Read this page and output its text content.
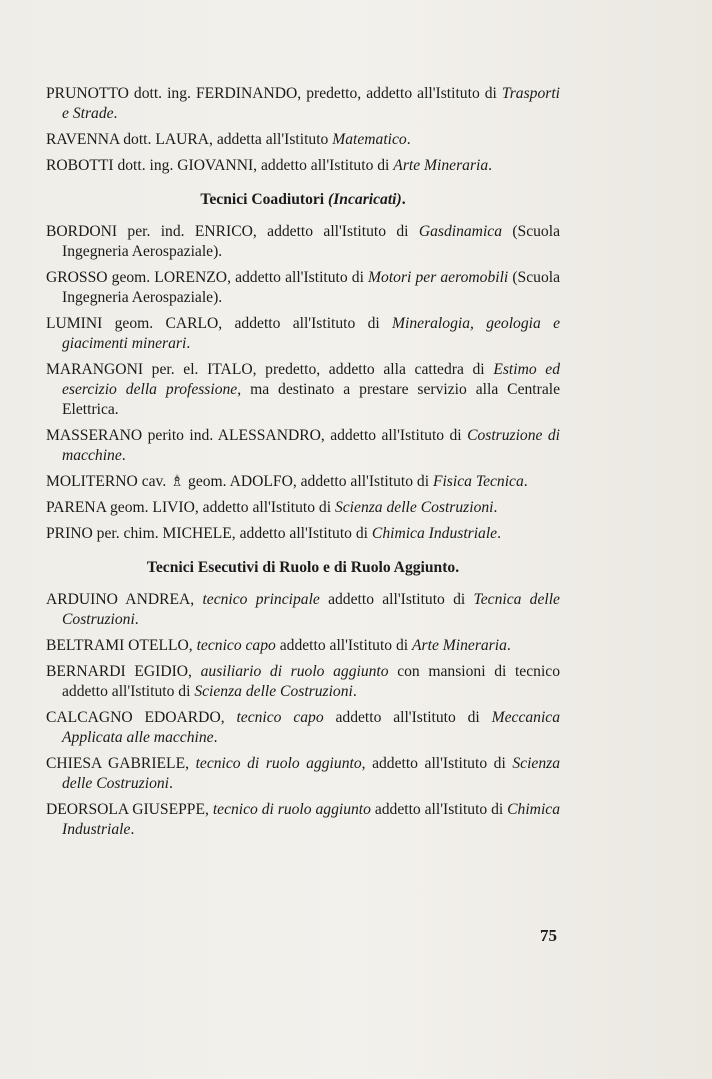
PRUNOTTO dott. ing. FERDINANDO, predetto, addetto all'Istituto di Trasporti e Strade.

RAVENNA dott. LAURA, addetta all'Istituto Matematico.

ROBOTTI dott. ing. GIOVANNI, addetto all'Istituto di Arte Mineraria.

Tecnici Coadiutori (Incaricati).

BORDONI per. ind. ENRICO, addetto all'Istituto di Gasdinamica (Scuola Ingegneria Aerospaziale).

GROSSO geom. LORENZO, addetto all'Istituto di Motori per aeromobili (Scuola Ingegneria Aerospaziale).

LUMINI geom. CARLO, addetto all'Istituto di Mineralogia, geologia e giacimenti minerari.

MARANGONI per. el. ITALO, predetto, addetto alla cattedra di Estimo ed esercizio della professione, ma destinato a prestare servizio alla Centrale Elettrica.

MASSERANO perito ind. ALESSANDRO, addetto all'Istituto di Costruzione di macchine.

MOLITERNO cav. ♗ geom. ADOLFO, addetto all'Istituto di Fisica Tecnica.

PARENA geom. LIVIO, addetto all'Istituto di Scienza delle Costruzioni.

PRINO per. chim. MICHELE, addetto all'Istituto di Chimica Industriale.

Tecnici Esecutivi di Ruolo e di Ruolo Aggiunto.

ARDUINO ANDREA, tecnico principale addetto all'Istituto di Tecnica delle Costruzioni.

BELTRAMI OTELLO, tecnico capo addetto all'Istituto di Arte Mineraria.

BERNARDI EGIDIO, ausiliario di ruolo aggiunto con mansioni di tecnico addetto all'Istituto di Scienza delle Costruzioni.

CALCAGNO EDOARDO, tecnico capo addetto all'Istituto di Meccanica Applicata alle macchine.

CHIESA GABRIELE, tecnico di ruolo aggiunto, addetto all'Istituto di Scienza delle Costruzioni.

DEORSOLA GIUSEPPE, tecnico di ruolo aggiunto addetto all'Istituto di Chimica Industriale.

75
